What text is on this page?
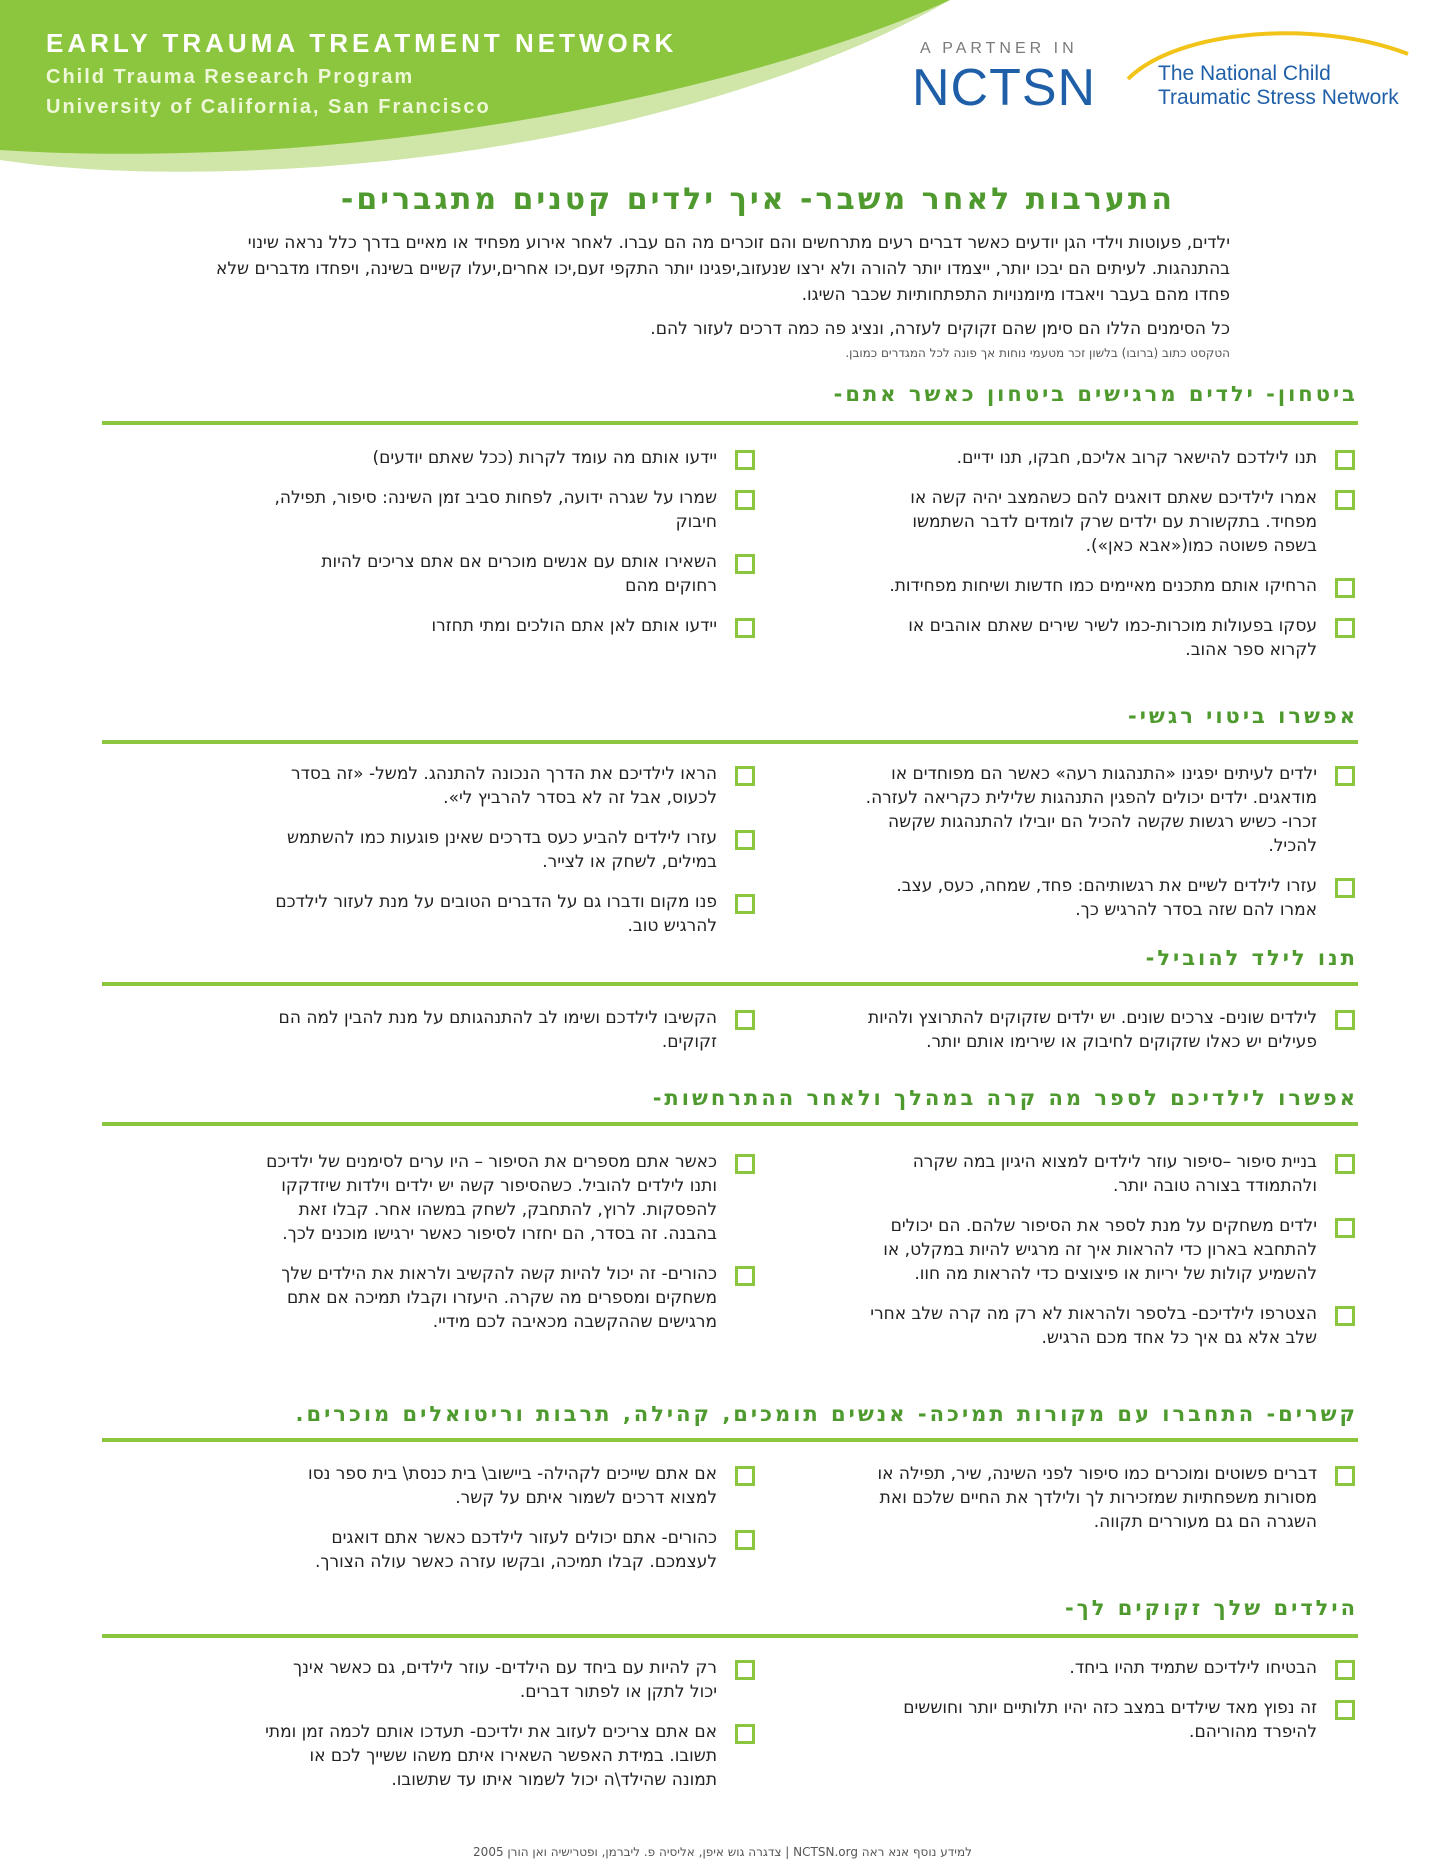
EARLY TRAUMA TREATMENT NETWORK
Child Trauma Research Program
University of California, San Francisco
A PARTNER IN
NCTSN	The National Child
Traumatic Stress Network
התערבות לאחר משבר- איך ילדים קטנים מתגברים-
ילדים, פעוטות וילדי הגן יודעים כאשר דברים רעים מתרחשים והם זוכרים מה הם עברו. לאחר אירוע מפחיד או מאיים בדרך כלל נראה שינוי בהתנהגות. לעיתים הם יבכו יותר, ייצמדו יותר להורה ולא ירצו שנעזוב,יפגינו יותר התקפי זעם,יכו אחרים,יעלו קשיים בשינה, ויפחדו מדברים שלא פחדו מהם בעבר ויאבדו מיומנויות התפתחותיות שכבר השיגו.
כל הסימנים הללו הם סימן שהם זקוקים לעזרה, ונציג פה כמה דרכים לעזור להם.
הטקסט כתוב (ברובו) בלשון זכר מטעמי נוחות אך פונה לכל המגדרים כמובן.
ביטחון- ילדים מרגישים ביטחון כאשר אתם-
תנו לילדכם להישאר קרוב אליכם, חבקו, תנו ידיים.
אמרו לילדיכם שאתם דואגים להם כשהמצב יהיה קשה או מפחיד. בתקשורת עם ילדים שרק לומדים לדבר השתמשו בשפה פשוטה כמו(«אבא כאן»).
הרחיקו אותם מתכנים מאיימים כמו חדשות ושיחות מפחידות.
עסקו בפעולות מוכרות-כמו לשיר שירים שאתם אוהבים או לקרוא ספר אהוב.
יידעו אותם מה עומד לקרות (ככל שאתם יודעים)
שמרו על שגרה ידועה, לפחות סביב זמן השינה: סיפור, תפילה, חיבוק
השאירו אותם עם אנשים מוכרים אם אתם צריכים להיות רחוקים מהם
יידעו אותם לאן אתם הולכים ומתי תחזרו
אפשרו ביטוי רגשי-
ילדים לעיתים יפגינו «התנהגות רעה» כאשר הם מפוחדים או מודאגים. ילדים יכולים להפגין התנהגות שלילית כקריאה לעזרה. זכרו- כשיש רגשות שקשה להכיל הם יובילו להתנהגות שקשה להכיל.
עזרו לילדים לשיים את רגשותיהם: פחד, שמחה, כעס, עצב. אמרו להם שזה בסדר להרגיש כך.
הראו לילדיכם את הדרך הנכונה להתנהג. למשל- «זה בסדר לכעוס, אבל זה לא בסדר להרביץ לי».
עזרו לילדים להביע כעס בדרכים שאינן פוגעות כמו להשתמש במילים, לשחק או לצייר.
פנו מקום ודברו גם על הדברים הטובים על מנת לעזור לילדכם להרגיש טוב.
תנו לילד להוביל-
לילדים שונים- צרכים שונים. יש ילדים שזקוקים להתרוצץ ולהיות פעילים יש כאלו שזקוקים לחיבוק או שירימו אותם יותר.
הקשיבו לילדכם ושימו לב להתנהגותם על מנת להבין למה הם זקוקים.
אפשרו לילדיכם לספר מה קרה במהלך ולאחר ההתרחשות-
בניית סיפור –סיפור עוזר לילדים למצוא היגיון במה שקרה ולהתמודד בצורה טובה יותר.
ילדים משחקים על מנת לספר את הסיפור שלהם. הם יכולים להתחבא בארון כדי להראות איך זה מרגיש להיות במקלט, או להשמיע קולות של יריות או פיצוצים כדי להראות מה חוו.
הצטרפו לילדיכם- בלספר ולהראות לא רק מה קרה שלב אחרי שלב אלא גם איך כל אחד מכם הרגיש.
כאשר אתם מספרים את הסיפור – היו ערים לסימנים של ילדיכם ותנו לילדים להוביל. כשהסיפור קשה יש ילדים וילדות שיזדקקו להפסקות. לרוץ, להתחבק, לשחק במשהו אחר. קבלו זאת בהבנה. זה בסדר, הם יחזרו לסיפור כאשר ירגישו מוכנים לכך.
כהורים- זה יכול להיות קשה להקשיב ולראות את הילדים שלך משחקים ומספרים מה שקרה. היעזרו וקבלו תמיכה אם אתם מרגישים שההקשבה מכאיבה לכם מידיי.
קשרים- התחברו עם מקורות תמיכה- אנשים תומכים, קהילה, תרבות וריטואלים מוכרים.
דברים פשוטים ומוכרים כמו סיפור לפני השינה, שיר, תפילה או מסורות משפחתיות שמזכירות לך ולילדך את החיים שלכם ואת השגרה הם גם מעוררים תקווה.
אם אתם שייכים לקהילה- ביישוב\ בית כנסת\ בית ספר נסו למצוא דרכים לשמור איתם על קשר.
כהורים- אתם יכולים לעזור לילדכם כאשר אתם דואגים לעצמכם. קבלו תמיכה, ובקשו עזרה כאשר עולה הצורך.
הילדים שלך זקוקים לך-
הבטיחו לילדיכם שתמיד תהיו ביחד.
זה נפוץ מאד שילדים במצב כזה יהיו תלותיים יותר וחוששים להיפרד מהוריהם.
רק להיות עם ביחד עם הילדים- עוזר לילדים, גם כאשר אינך יכול לתקן או לפתור דברים.
אם אתם צריכים לעזוב את ילדיכם- תעדכו אותם לכמה זמן ומתי תשובו. במידת האפשר השאירו איתם משהו ששייך לכם או תמונה שהילד\ה יכול לשמור איתו עד שתשובו.
למידע נוסף אנא ראה NCTSN.org | צדגרה גוש איפן, אליסיה פ. ליברמן, ופטרישיה ואן הורן 2005
